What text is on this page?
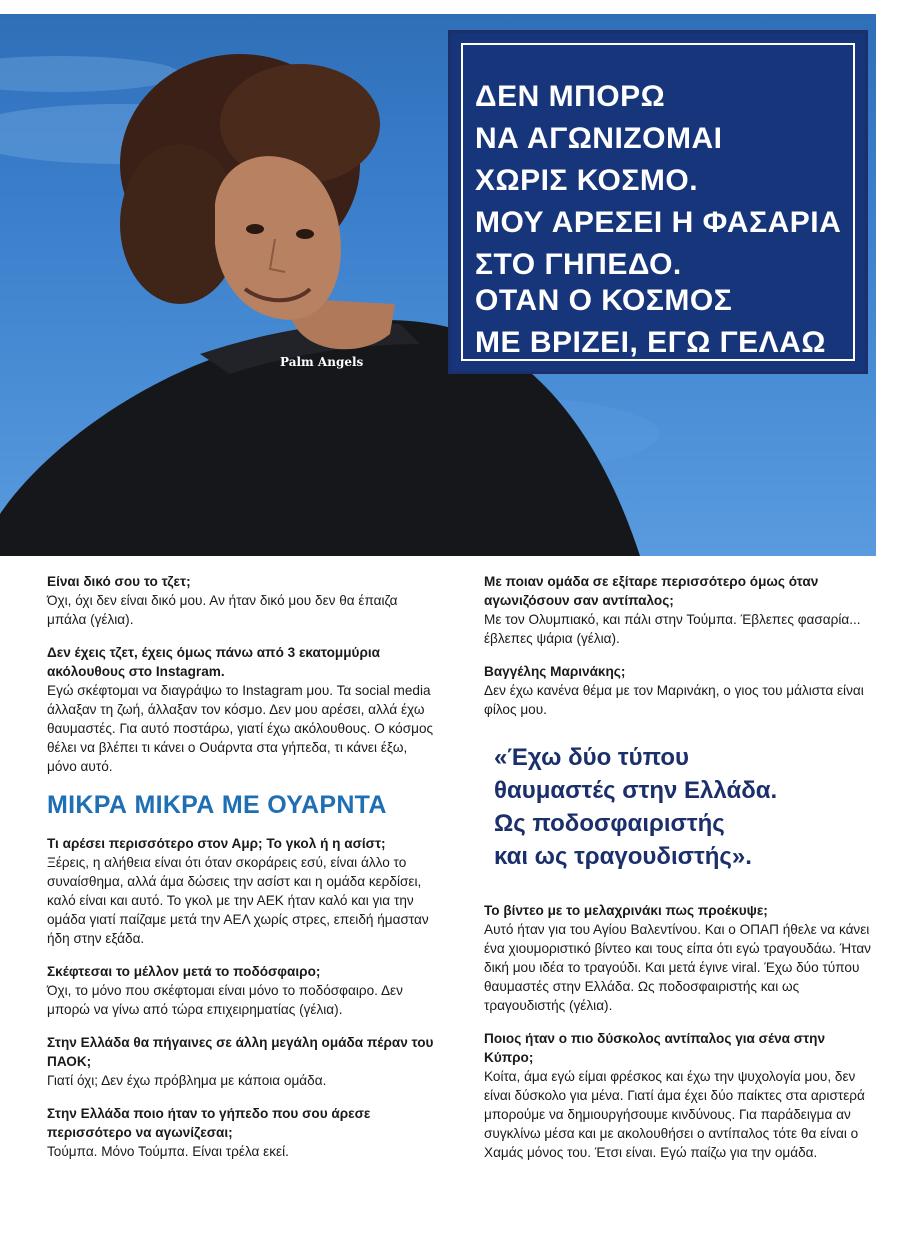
Palm Angels
ΔΕΝ ΜΠΟΡΩ
ΝΑ ΑΓΩΝΙΖΟΜΑΙ
ΧΩΡΙΣ ΚΟΣΜΟ.
ΜΟΥ ΑΡΕΣΕΙ Η ΦΑΣΑΡΙΑ
ΣΤΟ ΓΗΠΕΔΟ.
ΟΤΑΝ Ο ΚΟΣΜΟΣ
ΜΕ ΒΡΙΖΕΙ, ΕΓΩ ΓΕΛΑΩ

Είναι δικό σου το τζετ;

Όχι, όχι δεν είναι δικό μου. Αν ήταν δικό μου δεν θα έπαιζα μπάλα (γέλια).

Δεν έχεις τζετ, έχεις όμως πάνω από 3 εκατομμύρια ακόλουθους στο Instagram.

Εγώ σκέφτομαι να διαγράψω το Instagram μου. Τα social media άλλαξαν τη ζωή, άλλαξαν τον κόσμο. Δεν μου αρέσει, αλλά έχω θαυμαστές. Για αυτό ποστάρω, γιατί έχω ακόλουθους. Ο κόσμος θέλει να βλέπει τι κάνει ο Ουάρντα στα γήπεδα, τι κάνει έξω, μόνο αυτό.

ΜΙΚΡΑ ΜΙΚΡΑ ΜΕ ΟΥΑΡΝΤΑ

Τι αρέσει περισσότερο στον Αμρ; Το γκολ ή η ασίστ;

Ξέρεις, η αλήθεια είναι ότι όταν σκοράρεις εσύ, είναι άλλο το συναίσθημα, αλλά άμα δώσεις την ασίστ και η ομάδα κερδίσει, καλό είναι και αυτό. Το γκολ με την ΑΕΚ ήταν καλό και για την ομάδα γιατί παίζαμε μετά την ΑΕΛ χωρίς στρες, επειδή ήμασταν ήδη στην εξάδα.

Σκέφτεσαι το μέλλον μετά το ποδόσφαιρο;

Όχι, το μόνο που σκέφτομαι είναι μόνο το ποδόσφαιρο. Δεν μπορώ να γίνω από τώρα επιχειρηματίας (γέλια).

Στην Ελλάδα θα πήγαινες σε άλλη μεγάλη ομάδα πέραν του ΠΑΟΚ;

Γιατί όχι; Δεν έχω πρόβλημα με κάποια ομάδα.

Στην Ελλάδα ποιο ήταν το γήπεδο που σου άρεσε περισσότερο να αγωνίζεσαι;

Τούμπα. Μόνο Τούμπα. Είναι τρέλα εκεί.

Με ποιαν ομάδα σε εξίταρε περισσότερο όμως όταν αγωνιζόσουν σαν αντίπαλος;

Με τον Ολυμπιακό, και πάλι στην Τούμπα. Έβλεπες φασαρία... έβλεπες ψάρια (γέλια).

Βαγγέλης Μαρινάκης;

Δεν έχω κανένα θέμα με τον Μαρινάκη, ο γιος του μάλιστα είναι φίλος μου.

«Έχω δύο τύπου
θαυμαστές στην Ελλάδα.
Ως ποδοσφαιριστής
και ως τραγουδιστής».

Το βίντεο με το μελαχρινάκι πως προέκυψε;

Αυτό ήταν για του Αγίου Βαλεντίνου. Και ο ΟΠΑΠ ήθελε να κάνει ένα χιουμοριστικό βίντεο και τους είπα ότι εγώ τραγουδάω. Ήταν δική μου ιδέα το τραγούδι. Και μετά έγινε viral. Έχω δύο τύπου θαυμαστές στην Ελλάδα. Ως ποδοσφαιριστής και ως τραγουδιστής (γέλια).

Ποιος ήταν ο πιο δύσκολος αντίπαλος για σένα στην Κύπρο;

Κοίτα, άμα εγώ είμαι φρέσκος και έχω την ψυχολογία μου, δεν είναι δύσκολο για μένα. Γιατί άμα έχει δύο παίκτες στα αριστερά μπορούμε να δημιουργήσουμε κινδύνους. Για παράδειγμα αν συγκλίνω μέσα και με ακολουθήσει ο αντίπαλος τότε θα είναι ο Χαμάς μόνος του. Έτσι είναι. Εγώ παίζω για την ομάδα.
